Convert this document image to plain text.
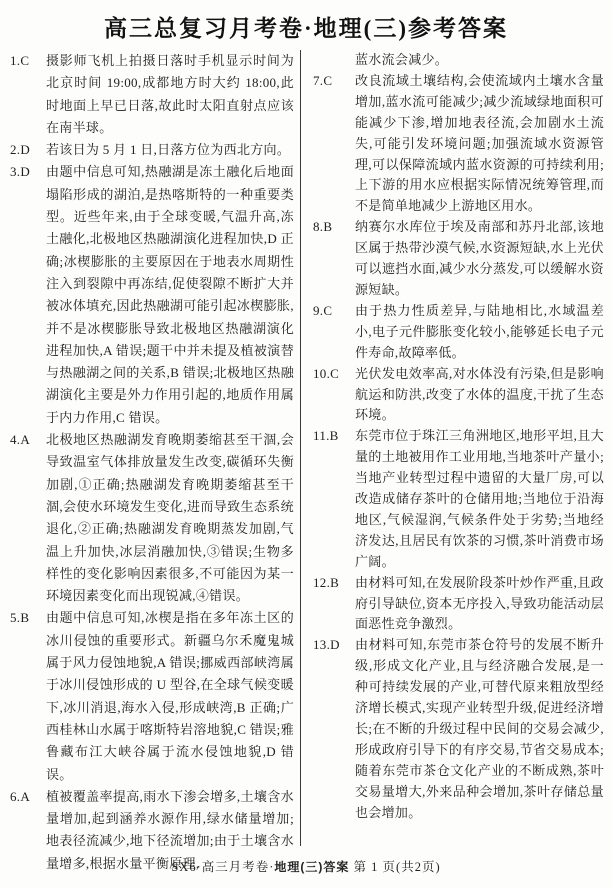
高三总复习月考卷·地理(三)参考答案
1.C 摄影师飞机上拍摄日落时手机显示时间为北京时间 19:00,成都地方时大约 18:00,此时地面上早已日落,故此时太阳直射点应该在南半球。
2.D 若该日为 5 月 1 日,日落方位为西北方向。
3.D 由题中信息可知,热融湖是冻土融化后地面塌陷形成的湖泊,是热喀斯特的一种重要类型。近些年来,由于全球变暖,气温升高,冻土融化,北极地区热融湖演化进程加快,D 正确;冰楔膨胀的主要原因在于地表水周期性注入到裂隙中再冻结,促使裂隙不断扩大并被冰体填充,因此热融湖可能引起冰楔膨胀,并不是冰楔膨胀导致北极地区热融湖演化进程加快,A 错误;题干中并未提及植被演替与热融湖之间的关系,B 错误;北极地区热融湖演化主要是外力作用引起的,地质作用属于内力作用,C 错误。
4.A 北极地区热融湖发育晚期萎缩甚至干涸,会导致温室气体排放量发生改变,碳循环失衡加剧,①正确;热融湖发育晚期萎缩甚至干涸,会使水环境发生变化,进而导致生态系统退化,②正确;热融湖发育晚期蒸发加剧,气温上升加快,冰层消融加快,③错误;生物多样性的变化影响因素很多,不可能因为某一环境因素变化而出现锐减,④错误。
5.B 由题中信息可知,冰楔是指在多年冻土区的冰川侵蚀的重要形式。新疆乌尔禾魔鬼城属于风力侵蚀地貌,A 错误;挪威西部峡湾属于冰川侵蚀形成的 U 型谷,在全球气候变暖下,冰川消退,海水入侵,形成峡湾,B 正确;广西桂林山水属于喀斯特岩溶地貌,C 错误;雅鲁藏布江大峡谷属于流水侵蚀地貌,D 错误。
6.A 植被覆盖率提高,雨水下渗会增多,土壤含水量增加,起到涵养水源作用,绿水储量增加;地表径流减少,地下径流增加;由于土壤含水量增多,根据水量平衡原理,
蓝水流会减少。
7.C 改良流域土壤结构,会使流域内土壤水含量增加,蓝水流可能减少;减少流域绿地面积可能减少下渗,增加地表径流,会加剧水土流失,可能引发环境问题;加强流域水资源管理,可以保障流域内蓝水资源的可持续利用;上下游的用水应根据实际情况统筹管理,而不是简单地减少上游地区用水。
8.B 纳赛尔水库位于埃及南部和苏丹北部,该地区属于热带沙漠气候,水资源短缺,水上光伏可以遮挡水面,减少水分蒸发,可以缓解水资源短缺。
9.C 由于热力性质差异,与陆地相比,水域温差小,电子元件膨胀变化较小,能够延长电子元件寿命,故障率低。
10.C 光伏发电效率高,对水体没有污染,但是影响航运和防洪,改变了水体的温度,干扰了生态环境。
11.B 东莞市位于珠江三角洲地区,地形平坦,且大量的土地被用作工业用地,当地茶叶产量小;当地产业转型过程中遗留的大量厂房,可以改造成储存茶叶的仓储用地;当地位于沿海地区,气候湿润,气候条件处于劣势;当地经济发达,且居民有饮茶的习惯,茶叶消费市场广阔。
12.B 由材料可知,在发展阶段茶叶炒作严重,且政府引导缺位,资本无序投入,导致功能活动层面恶性竞争激烈。
13.D 由材料可知,东莞市茶仓符号的发展不断升级,形成文化产业,且与经济融合发展,是一种可持续发展的产业,可替代原来粗放型经济增长模式,实现产业转型升级,促进经济增长;在不断的升级过程中民间的交易会减少,形成政府引导下的有序交易,节省交易成本;随着东莞市茶仓文化产业的不断成熟,茶叶交易量增大,外来品种会增加,茶叶存储总量也会增加。
SX6·高三月考卷·地理(三)答案 第 1 页(共2页)
